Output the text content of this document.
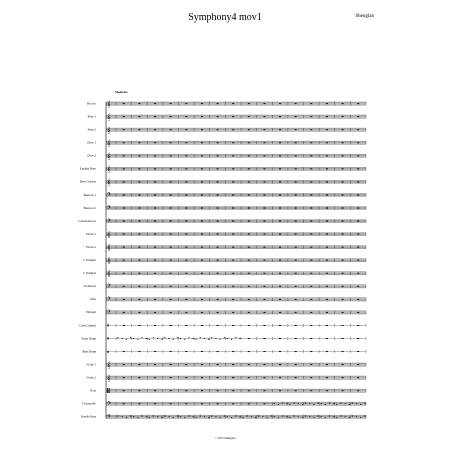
Symphony4 mov1	Shenglan
Moderato
Piccolo 𝄞
Flute 1 𝄞
Flute 2 𝄞
Oboe 1 𝄞
Oboe 2 𝄞
English Horn 𝄞
Bass Clarinet 𝄞
Bassoon 1 𝄢
Bassoon 2 𝄢
Contrabassoon 𝄢
Horns 1 𝄞
Horns 2 𝄞
C Trumpet 𝄞
C Trumpet 𝄞
Trombone 𝄢
Tuba 𝄢
Timpani 𝄢
Crash Cymbal 𝄥
Snare Drum 𝄥
Bass Drum 𝄥
Violin 1 𝄞
Violin 2 𝄞
Viola 𝄡
Violoncello 𝄢
Double Bass 𝄢
© 2013 Shenglan
